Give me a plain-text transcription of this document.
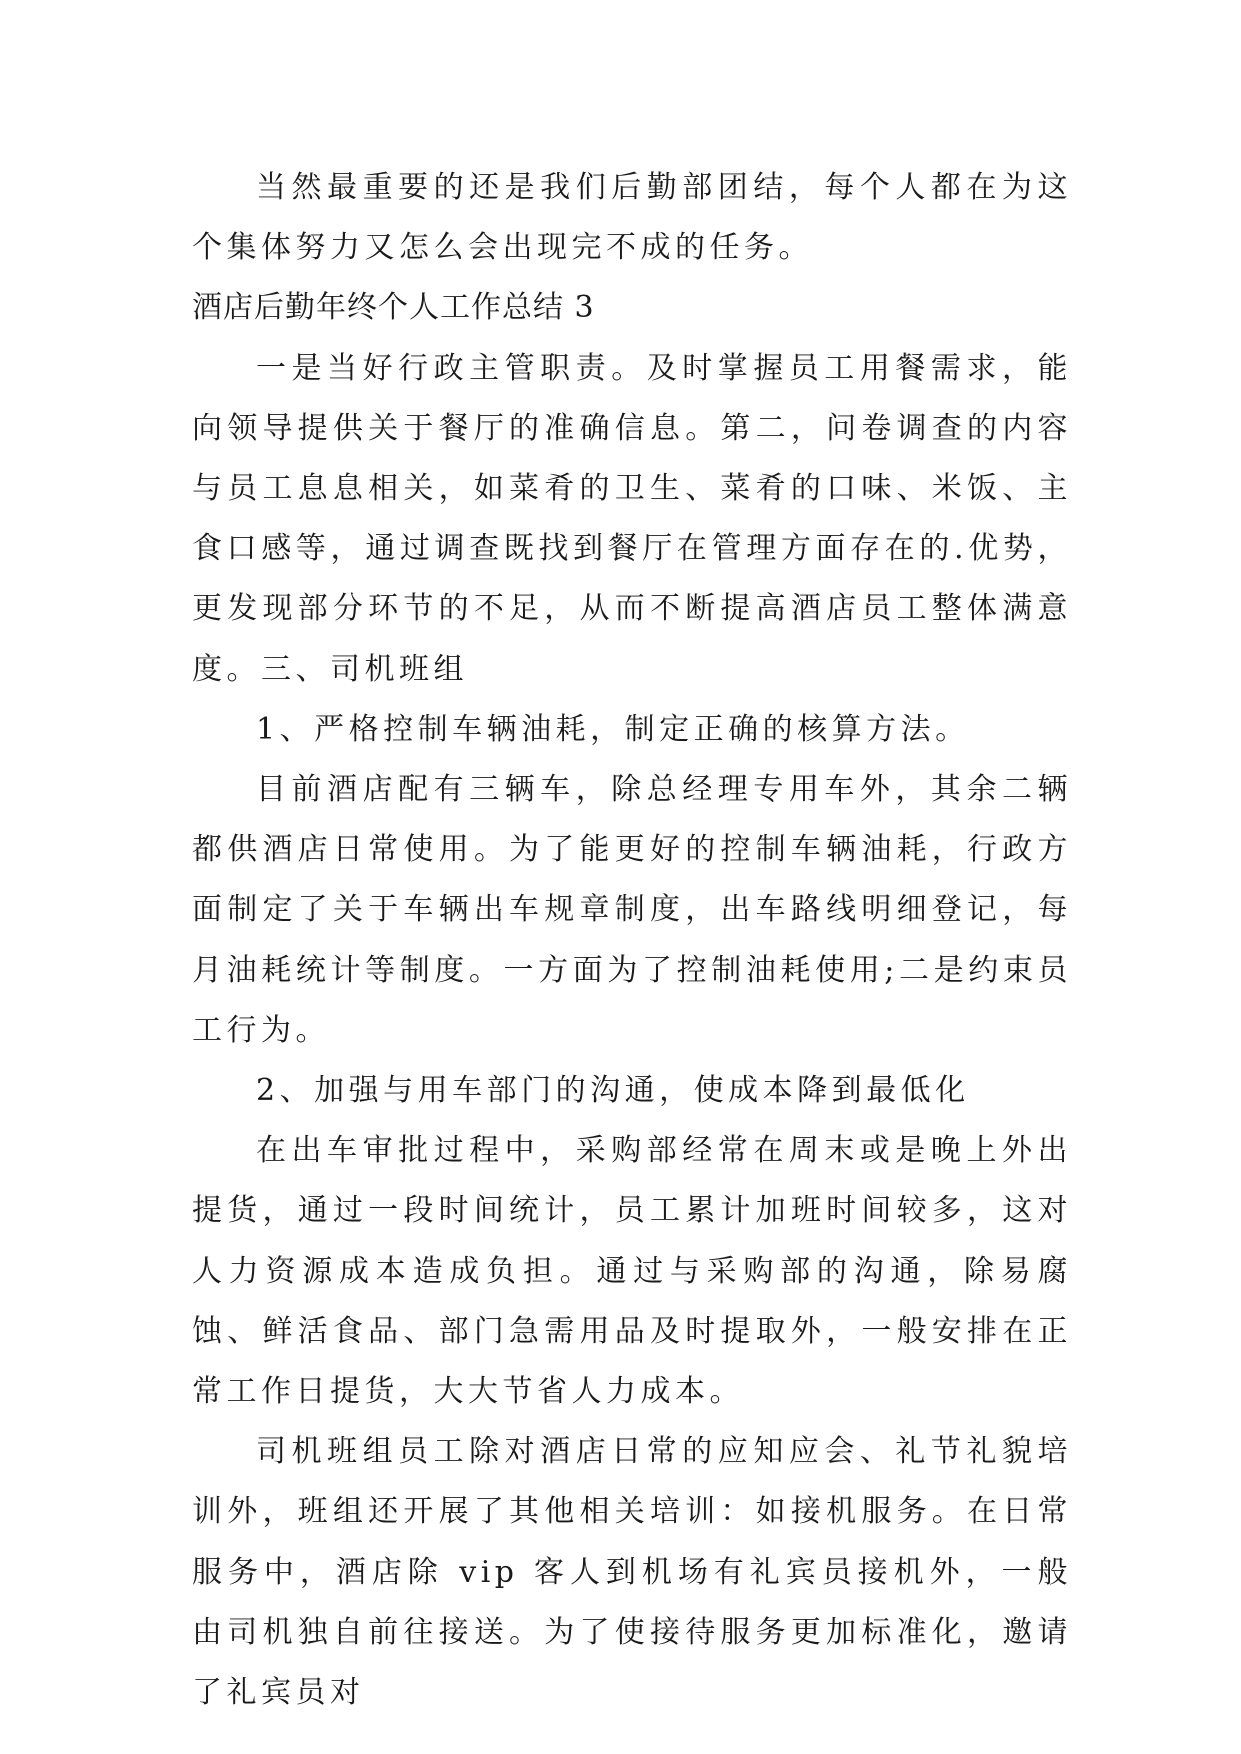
当然最重要的还是我们后勤部团结，每个人都在为这个集体努力又怎么会出现完不成的任务。

酒店后勤年终个人工作总结 3

一是当好行政主管职责。及时掌握员工用餐需求，能向领导提供关于餐厅的准确信息。第二，问卷调查的内容与员工息息相关，如菜肴的卫生、菜肴的口味、米饭、主食口感等，通过调查既找到餐厅在管理方面存在的.优势，更发现部分环节的不足，从而不断提高酒店员工整体满意度。三、司机班组

1、严格控制车辆油耗，制定正确的核算方法。

目前酒店配有三辆车，除总经理专用车外，其余二辆都供酒店日常使用。为了能更好的控制车辆油耗，行政方面制定了关于车辆出车规章制度，出车路线明细登记，每月油耗统计等制度。一方面为了控制油耗使用;二是约束员工行为。

2、加强与用车部门的沟通，使成本降到最低化

在出车审批过程中，采购部经常在周末或是晚上外出提货，通过一段时间统计，员工累计加班时间较多，这对人力资源成本造成负担。通过与采购部的沟通，除易腐蚀、鲜活食品、部门急需用品及时提取外，一般安排在正常工作日提货，大大节省人力成本。

司机班组员工除对酒店日常的应知应会、礼节礼貌培训外，班组还开展了其他相关培训：如接机服务。在日常服务中，酒店除 vip 客人到机场有礼宾员接机外，一般由司机独自前往接送。为了使接待服务更加标准化，邀请了礼宾员对
